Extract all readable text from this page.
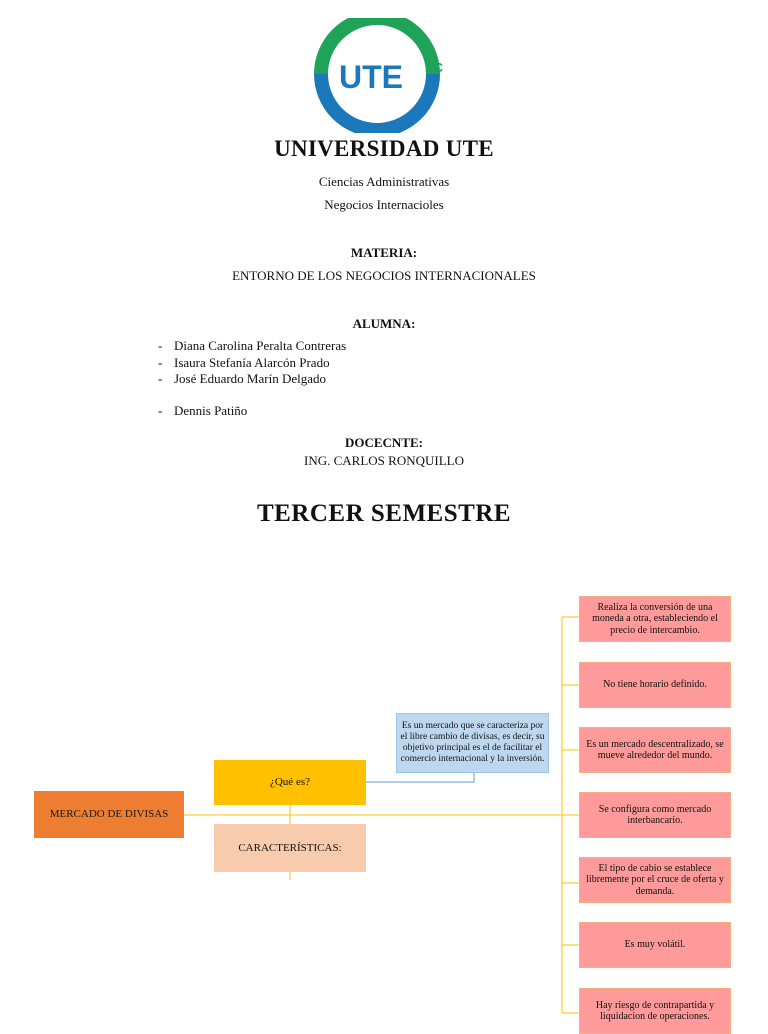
UTE EC
UNIVERSIDAD UTE
Ciencias Administrativas
Negocios Internacioles
MATERIA:
ENTORNO DE LOS NEGOCIOS INTERNACIONALES
ALUMNA:
- Diana Carolina Peralta Contreras
- Isaura Stefanía Alarcón Prado
- José Eduardo Marín Delgado
- Dennis Patiño
DOCECNTE:
ING. CARLOS RONQUILLO
TERCER SEMESTRE
MERCADO DE DIVISAS
¿Qué es?
CARACTERÍSTICAS:
Es un mercado que se caracteriza por el libre cambio de divisas, es decir, su objetivo principal es el de facilitar el comercio internacional y la inversión.
Realiza la conversión de una moneda a otra, estableciendo el precio de intercambio.
No tiene horario definido.
Es un mercado descentralizado, se mueve alrededor del mundo.
Se configura como mercado interbancario.
El tipo de cabio se establece libremente por el cruce de oferta y demanda.
Es muy volátil.
Hay riesgo de contrapartida y liquidacion de operaciones.
